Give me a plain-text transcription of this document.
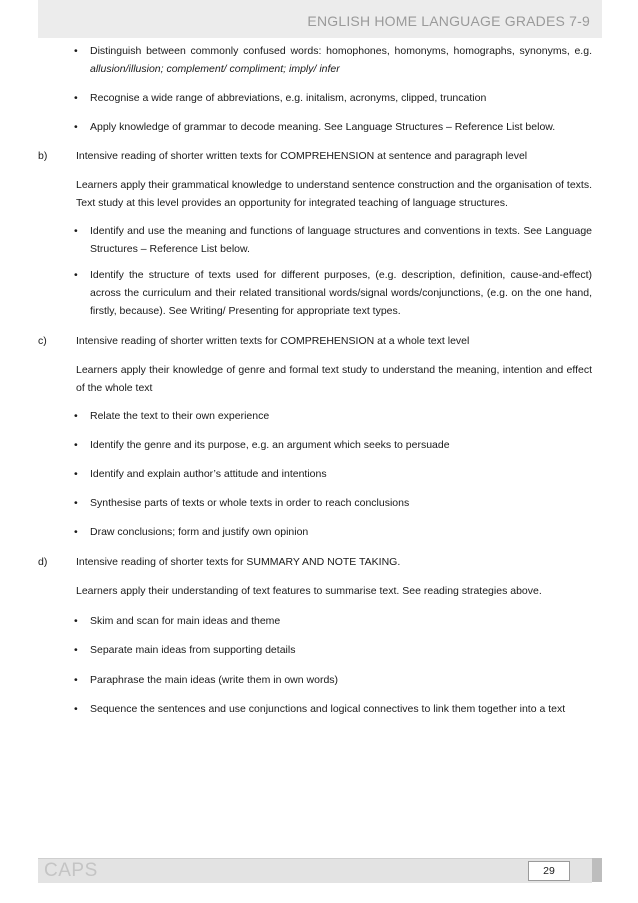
ENGLISH HOME LANGUAGE GRADES 7-9
•	Distinguish between commonly confused words: homophones, homonyms, homographs, synonyms, e.g. allusion/illusion; complement/ compliment; imply/ infer
•	Recognise a wide range of abbreviations, e.g. initalism, acronyms, clipped, truncation
•	Apply knowledge of grammar to decode meaning. See Language Structures – Reference List below.
b)	Intensive reading of shorter written texts for COMPREHENSION at sentence and paragraph level
Learners apply their grammatical knowledge to understand sentence construction and the organisation of texts. Text study at this level provides an opportunity for integrated teaching of language structures.
•	Identify and use the meaning and functions of language structures and conventions in texts. See Language Structures – Reference List below.
•	Identify the structure of texts used for different purposes, (e.g. description, definition, cause-and-effect) across the curriculum and their related transitional words/signal words/conjunctions, (e.g. on the one hand, firstly, because). See Writing/ Presenting for appropriate text types.
c)	Intensive reading of shorter written texts for COMPREHENSION at a whole text level
Learners apply their knowledge of genre and formal text study to understand the meaning, intention and effect of the whole text
•	Relate the text to their own experience
•	Identify the genre and its purpose, e.g. an argument which seeks to persuade
•	Identify and explain author’s attitude and intentions
•	Synthesise parts of texts or whole texts in order to reach conclusions
•	Draw conclusions; form and justify own opinion
d)	Intensive reading of shorter texts for SUMMARY AND NOTE TAKING.
Learners apply their understanding of text features to summarise text. See reading strategies above.
•	Skim and scan for main ideas and theme
•	Separate main ideas from supporting details
•	Paraphrase the main ideas (write them in own words)
•	Sequence the sentences and use conjunctions and logical connectives to link them together into a text
CAPS	29
